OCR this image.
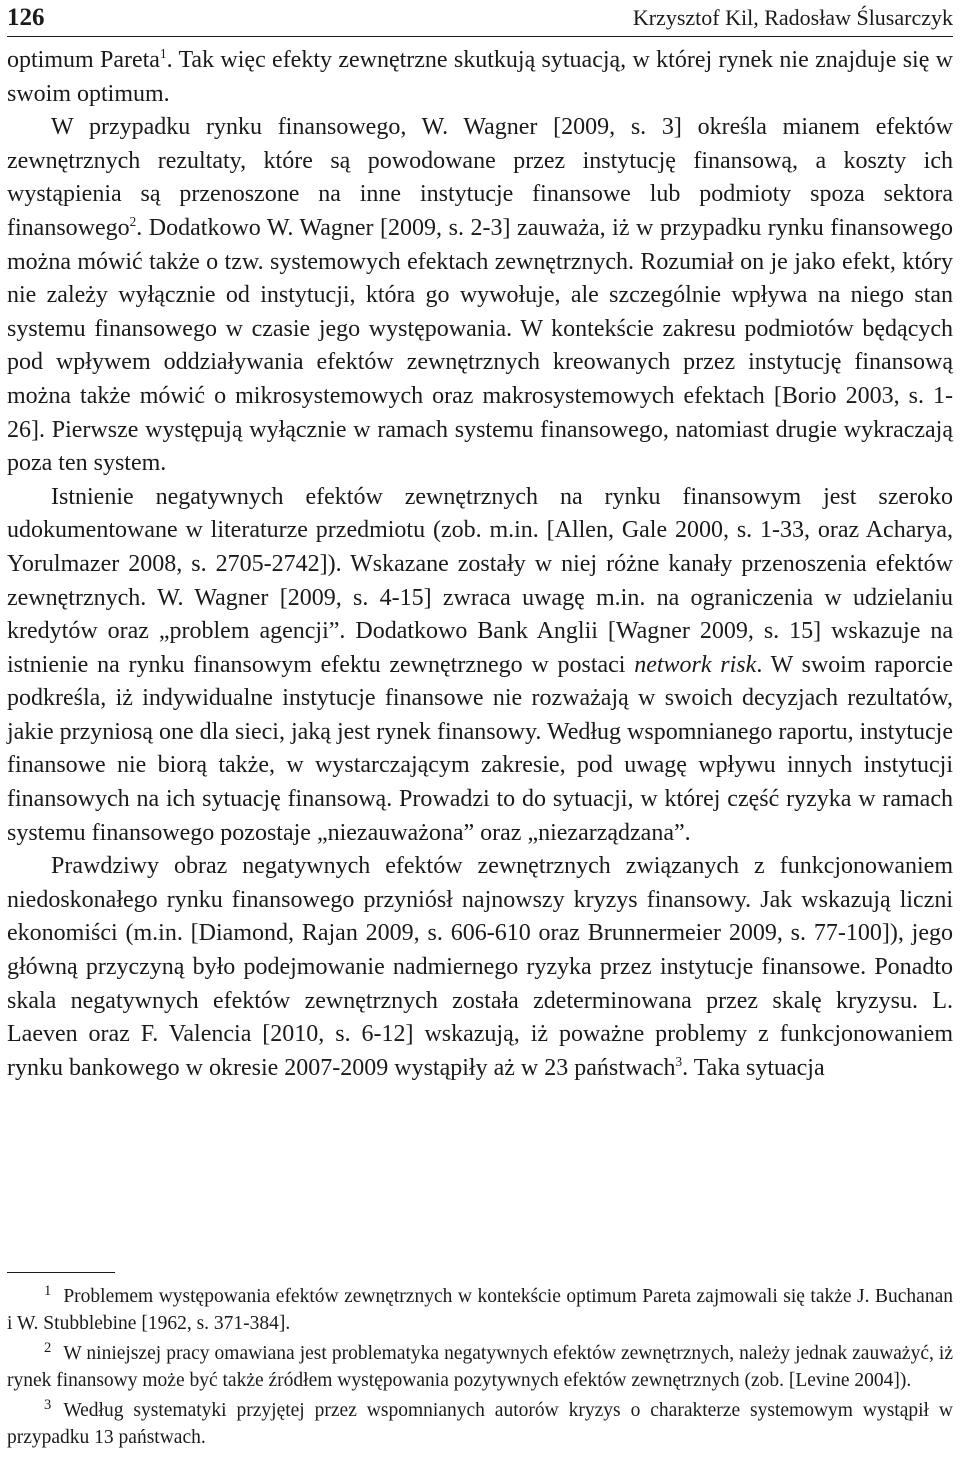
126	Krzysztof Kil, Radosław Ślusarczyk

optimum Pareta$^1$. Tak więc efekty zewnętrzne skutkują sytuacją, w której rynek nie znajduje się w swoim optimum.

W przypadku rynku finansowego, W. Wagner [2009, s. 3] określa mianem efektów zewnętrznych rezultaty, które są powodowane przez instytucję finansową, a koszty ich wystąpienia są przenoszone na inne instytucje finansowe lub podmioty spoza sektora finansowego$^2$. Dodatkowo W. Wagner [2009, s. 2-3] zauważa, iż w przypadku rynku finansowego można mówić także o tzw. systemowych efektach zewnętrznych. Rozumiał on je jako efekt, który nie zależy wyłącznie od instytucji, która go wywołuje, ale szczególnie wpływa na niego stan systemu finansowego w czasie jego występowania. W kontekście zakresu podmiotów będących pod wpływem oddziaływania efektów zewnętrznych kreowanych przez instytucję finansową można także mówić o mikrosystemowych oraz makrosystemowych efektach [Borio 2003, s. 1-26]. Pierwsze występują wyłącznie w ramach systemu finansowego, natomiast drugie wykraczają poza ten system.

Istnienie negatywnych efektów zewnętrznych na rynku finansowym jest szeroko udokumentowane w literaturze przedmiotu (zob. m.in. [Allen, Gale 2000, s. 1-33, oraz Acharya, Yorulmazer 2008, s. 2705-2742]). Wskazane zostały w niej różne kanały przenoszenia efektów zewnętrznych. W. Wagner [2009, s. 4-15] zwraca uwagę m.in. na ograniczenia w udzielaniu kredytów oraz „problem agencji”. Dodatkowo Bank Anglii [Wagner 2009, s. 15] wskazuje na istnienie na rynku finansowym efektu zewnętrznego w postaci network risk. W swoim raporcie podkreśla, iż indywidualne instytucje finansowe nie rozważają w swoich decyzjach rezultatów, jakie przyniosą one dla sieci, jaką jest rynek finansowy. Według wspomnianego raportu, instytucje finansowe nie biorą także, w wystarczającym zakresie, pod uwagę wpływu innych instytucji finansowych na ich sytuację finansową. Prowadzi to do sytuacji, w której część ryzyka w ramach systemu finansowego pozostaje „niezauważona” oraz „niezarządzana”.

Prawdziwy obraz negatywnych efektów zewnętrznych związanych z funkcjonowaniem niedoskonałego rynku finansowego przyniósł najnowszy kryzys finansowy. Jak wskazują liczni ekonomiści (m.in. [Diamond, Rajan 2009, s. 606-610 oraz Brunnermeier 2009, s. 77-100]), jego główną przyczyną było podejmowanie nadmiernego ryzyka przez instytucje finansowe. Ponadto skala negatywnych efektów zewnętrznych została zdeterminowana przez skalę kryzysu. L. Laeven oraz F. Valencia [2010, s. 6-12] wskazują, iż poważne problemy z funkcjonowaniem rynku bankowego w okresie 2007-2009 wystąpiły aż w 23 państwach$^3$. Taka sytuacja

$^1$ Problemem występowania efektów zewnętrznych w kontekście optimum Pareta zajmowali się także J. Buchanan i W. Stubblebine [1962, s. 371-384].

$^2$ W niniejszej pracy omawiana jest problematyka negatywnych efektów zewnętrznych, należy jednak zauważyć, iż rynek finansowy może być także źródłem występowania pozytywnych efektów zewnętrznych (zob. [Levine 2004]).

$^3$ Według systematyki przyjętej przez wspomnianych autorów kryzys o charakterze systemowym wystąpił w przypadku 13 państwach.
